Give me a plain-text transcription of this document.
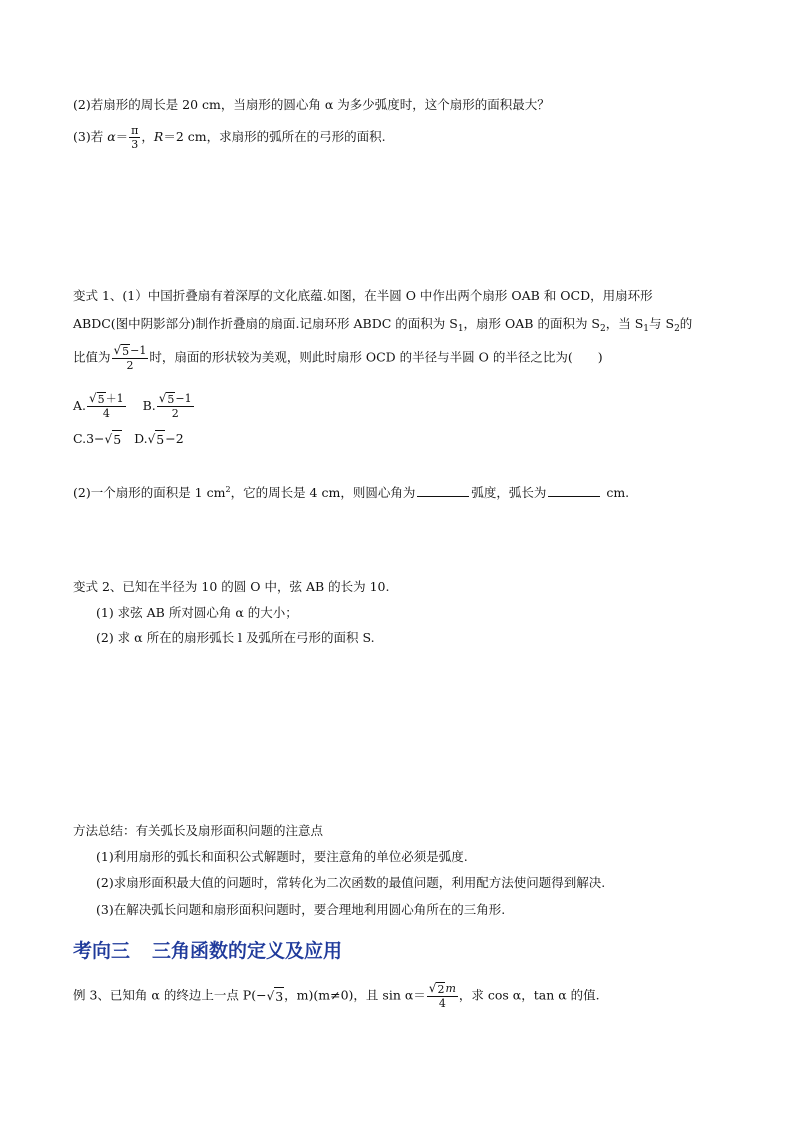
(2)若扇形的周长是 20 cm，当扇形的圆心角 α 为多少弧度时，这个扇形的面积最大？
(3)若 $\alpha= \frac{\pi}{3}$ ，R＝2 cm，求扇形的弧所在的弓形的面积.
变式 1、(1）中国折叠扇有着深厚的文化底蕴.如图，在半圆 O 中作出两个扇形 OAB 和 OCD，用扇环形
ABDC(图中阴影部分)制作折叠扇的扇面.记扇环形 ABDC 的面积为 $S_1$，扇形 OAB 的面积为 $S_2$，当 $S_1$与 $S_2$的
比值为 $\frac{√ 5 -1}{2}$ 时，扇面的形状较为美观，则此时扇形 OCD 的半径与半圆 O 的半径之比为(　　)
A. $\frac{√ 5 +1}{4} B$. $\frac{√ 5 -1}{2}$
C.3− √ 5 D. √ 5 −2
(2)一个扇形的面积是 1 $cm^2$，它的周长是 4 cm，则圆心角为	弧度，弧长为	cm.
变式 2、已知在半径为 10 的圆 O 中，弦 AB 的长为 10.
(1) 求弦 AB 所对圆心角 α 的大小；
(2) 求 α 所在的扇形弧长 l 及弧所在弓形的面积 S.
方法总结：有关弧长及扇形面积问题的注意点
(1)利用扇形的弧长和面积公式解题时，要注意角的单位必须是弧度.
(2)求扇形面积最大值的问题时，常转化为二次函数的最值问题，利用配方法使问题得到解决.
(3)在解决弧长问题和扇形面积问题时，要合理地利用圆心角所在的三角形.
考向三 三角函数的定义及应用
例 3、已知角 α 的终边上一点 P(− √ 3 ，m)(m≠0)，且 $\sin \alpha= \frac{√ 2 m}{4}$ ，求 cos α，tan α 的值.
